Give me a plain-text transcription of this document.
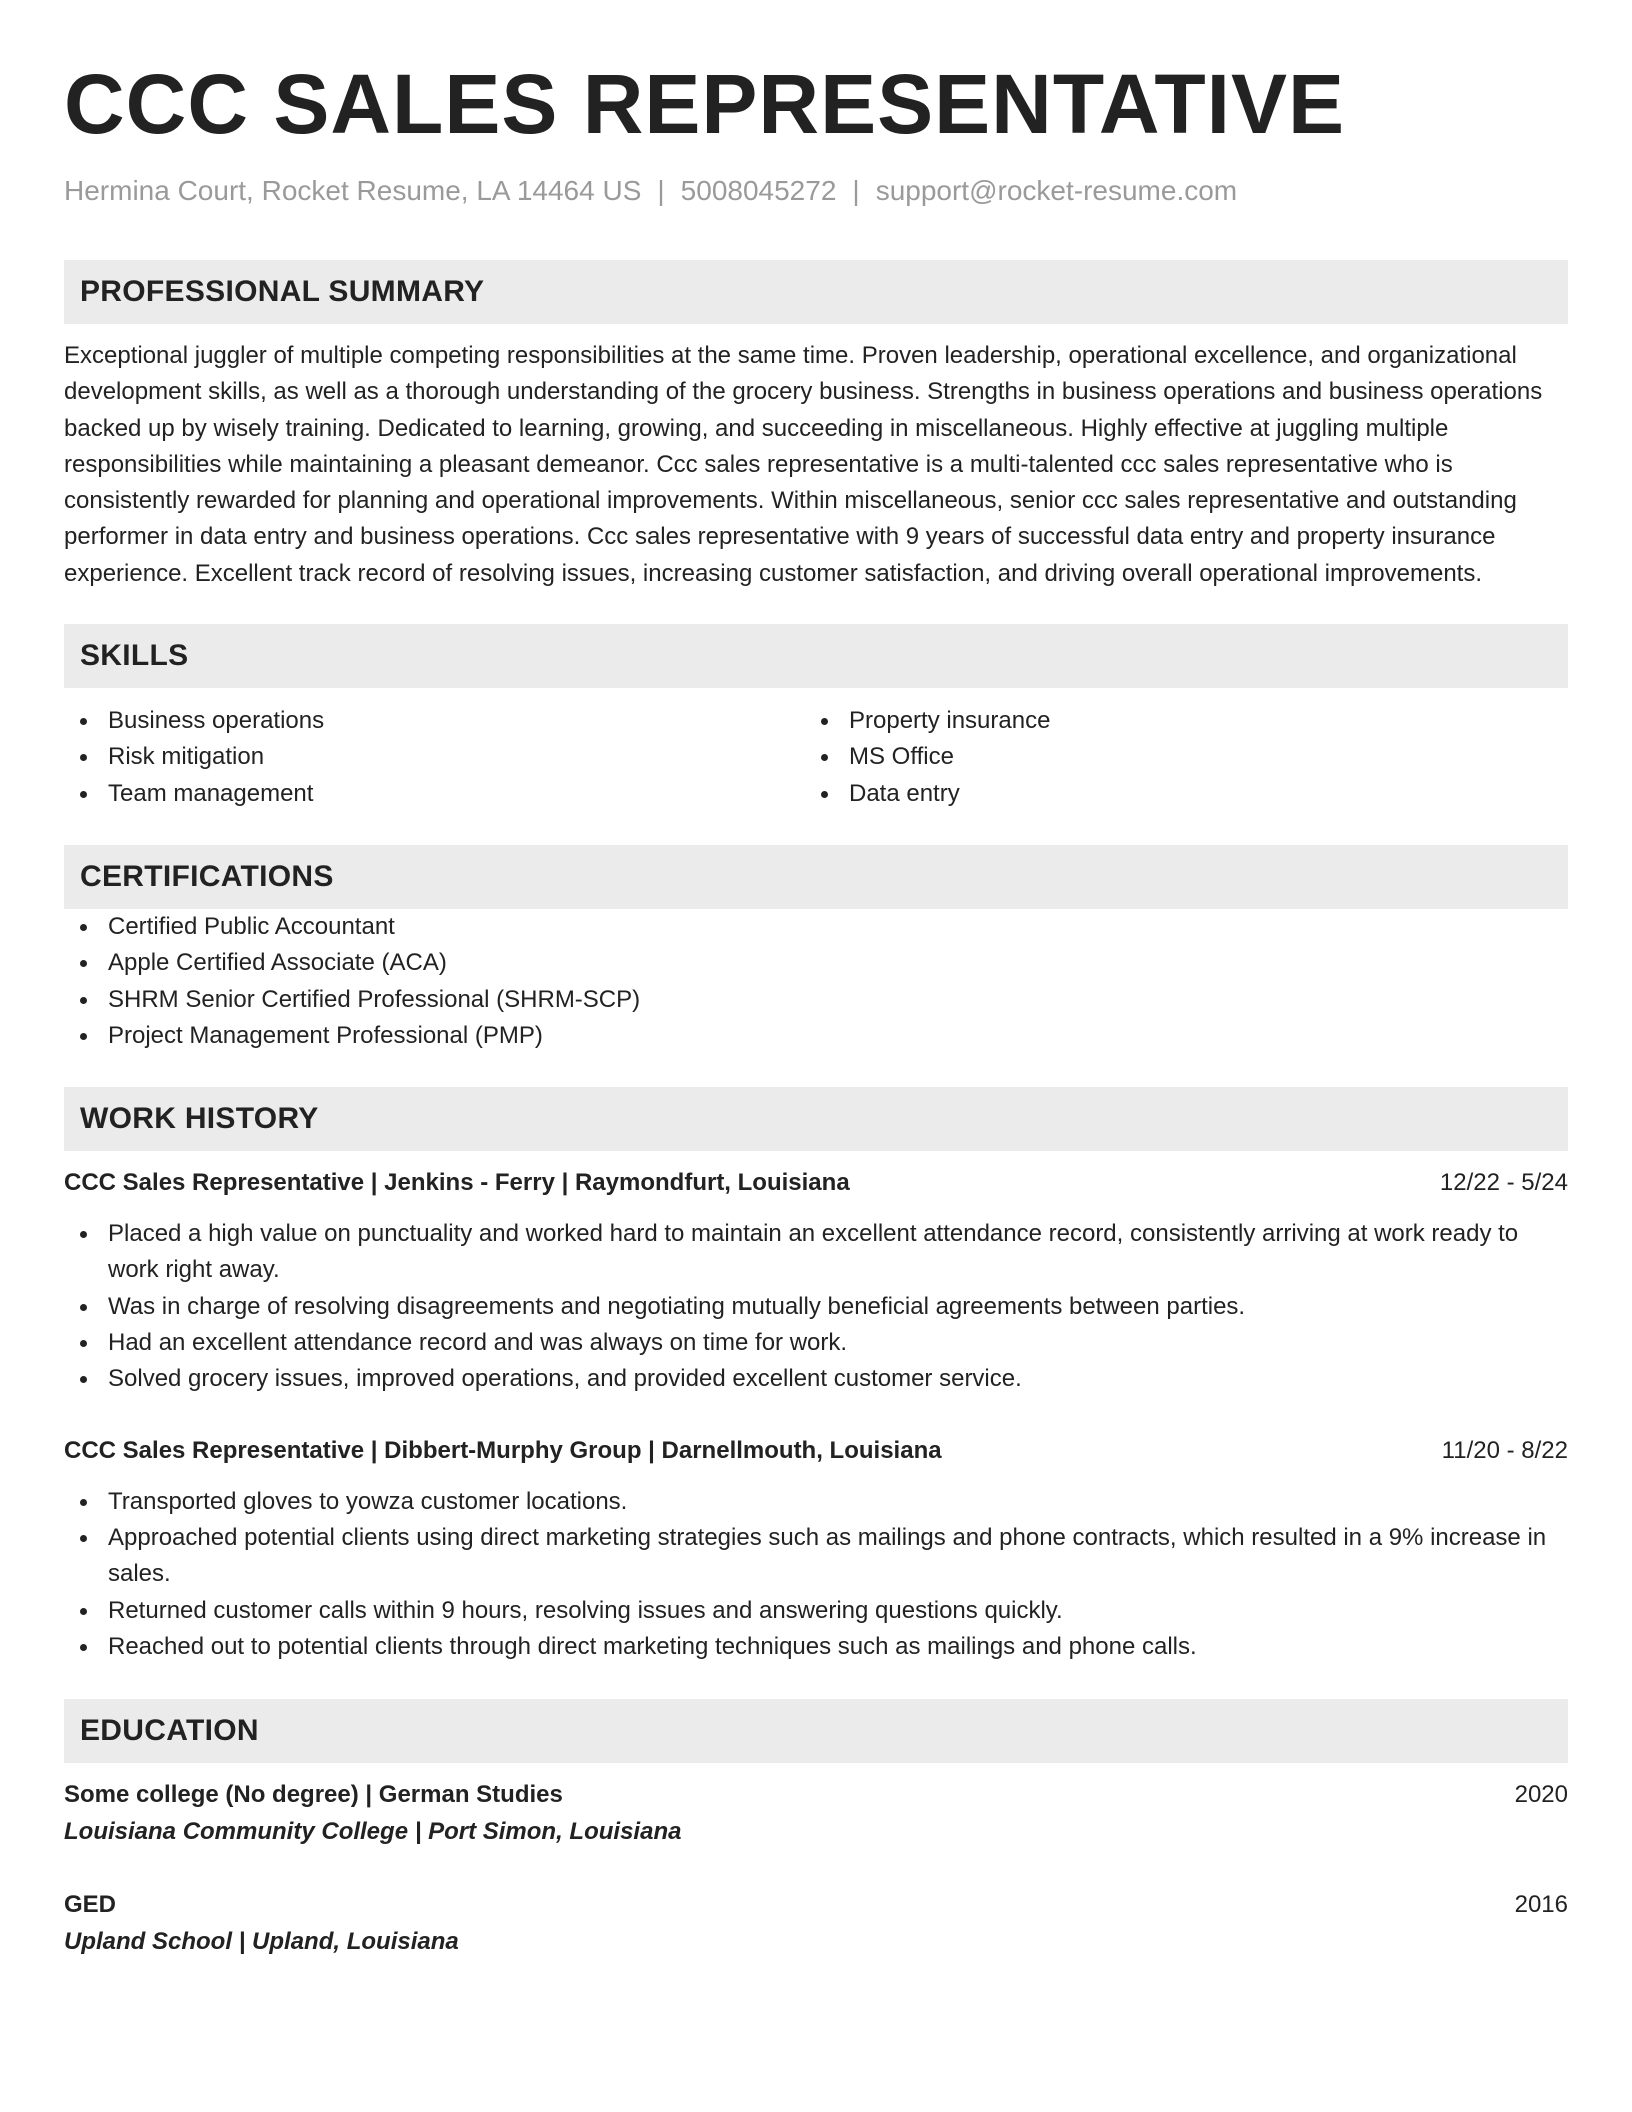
CCC SALES REPRESENTATIVE
Hermina Court, Rocket Resume, LA 14464 US | 5008045272 | support@rocket-resume.com
PROFESSIONAL SUMMARY
Exceptional juggler of multiple competing responsibilities at the same time. Proven leadership, operational excellence, and organizational development skills, as well as a thorough understanding of the grocery business. Strengths in business operations and business operations backed up by wisely training. Dedicated to learning, growing, and succeeding in miscellaneous. Highly effective at juggling multiple responsibilities while maintaining a pleasant demeanor. Ccc sales representative is a multi-talented ccc sales representative who is consistently rewarded for planning and operational improvements. Within miscellaneous, senior ccc sales representative and outstanding performer in data entry and business operations. Ccc sales representative with 9 years of successful data entry and property insurance experience. Excellent track record of resolving issues, increasing customer satisfaction, and driving overall operational improvements.
SKILLS
Business operations
Risk mitigation
Team management
Property insurance
MS Office
Data entry
CERTIFICATIONS
Certified Public Accountant
Apple Certified Associate (ACA)
SHRM Senior Certified Professional (SHRM-SCP)
Project Management Professional (PMP)
WORK HISTORY
CCC Sales Representative | Jenkins - Ferry | Raymondfurt, Louisiana	12/22 - 5/24
Placed a high value on punctuality and worked hard to maintain an excellent attendance record, consistently arriving at work ready to work right away.
Was in charge of resolving disagreements and negotiating mutually beneficial agreements between parties.
Had an excellent attendance record and was always on time for work.
Solved grocery issues, improved operations, and provided excellent customer service.
CCC Sales Representative | Dibbert-Murphy Group | Darnellmouth, Louisiana	11/20 - 8/22
Transported gloves to yowza customer locations.
Approached potential clients using direct marketing strategies such as mailings and phone contracts, which resulted in a 9% increase in sales.
Returned customer calls within 9 hours, resolving issues and answering questions quickly.
Reached out to potential clients through direct marketing techniques such as mailings and phone calls.
EDUCATION
Some college (No degree) | German Studies	2020
Louisiana Community College | Port Simon, Louisiana
GED	2016
Upland School | Upland, Louisiana
